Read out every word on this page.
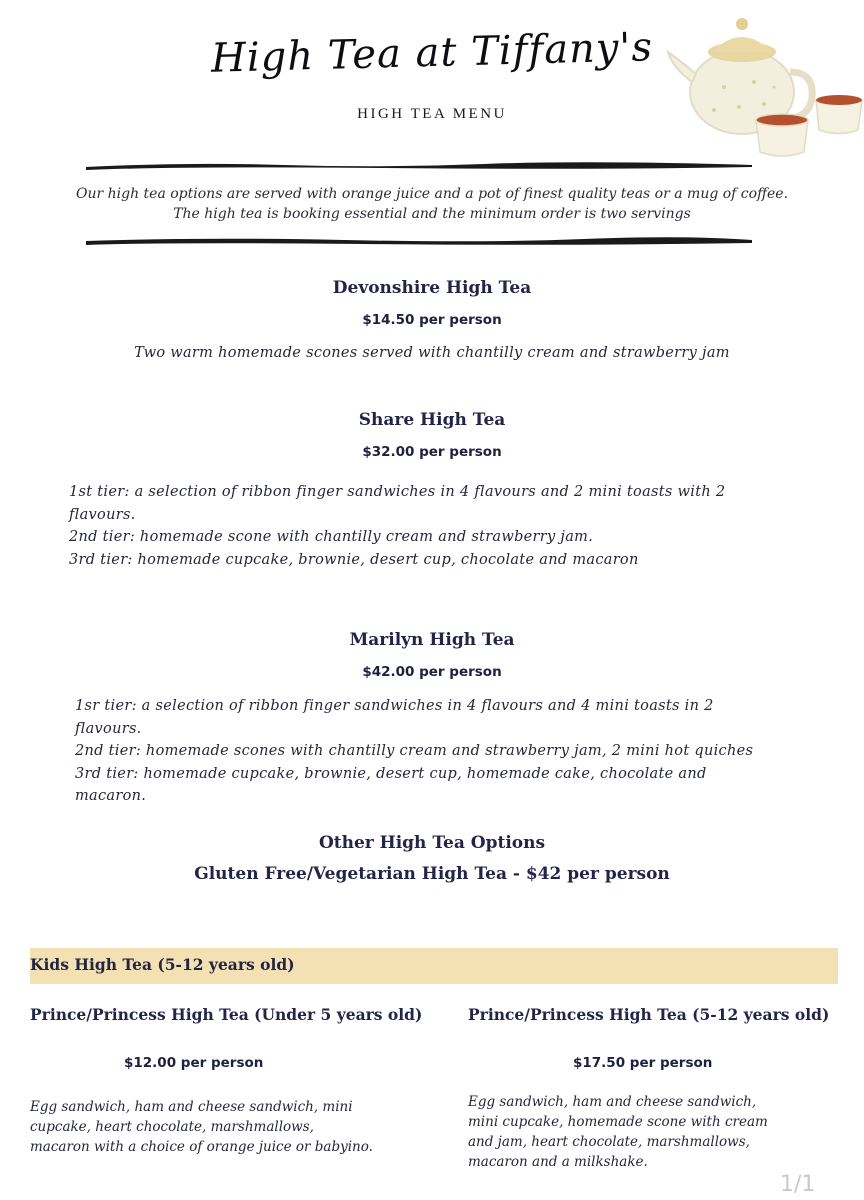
High Tea at Tiffany's
HIGH TEA MENU
Our high tea options are served with orange juice and a pot of finest quality teas or a mug of coffee.
The high tea is booking essential and the minimum order is two servings
Devonshire High Tea
$14.50 per person
Two warm homemade scones served with chantilly cream and strawberry jam
Share High Tea
$32.00 per person
1st tier: a selection of ribbon finger sandwiches in 4 flavours and 2 mini toasts with 2
flavours.
2nd tier: homemade scone with chantilly cream and strawberry jam.
3rd tier: homemade cupcake, brownie, desert cup, chocolate and macaron
Marilyn High Tea
$42.00 per person
1sr tier: a selection of ribbon finger sandwiches in 4 flavours and 4 mini toasts in 2
flavours.
2nd tier: homemade scones with chantilly cream and strawberry jam, 2 mini hot quiches
3rd tier: homemade cupcake, brownie, desert cup, homemade cake, chocolate and
macaron.
Other High Tea Options
Gluten Free/Vegetarian High Tea - $42 per person
Kids High Tea (5-12 years old)
Prince/Princess High Tea (Under 5 years old)
$12.00 per person
Egg sandwich, ham and cheese sandwich, mini
cupcake, heart chocolate, marshmallows,
macaron with a choice of orange juice or babyino.
Prince/Princess High Tea (5-12 years old)
$17.50 per person
Egg sandwich, ham and cheese sandwich,
mini cupcake, homemade scone with cream
and jam, heart chocolate, marshmallows,
macaron and a milkshake.
1/1
